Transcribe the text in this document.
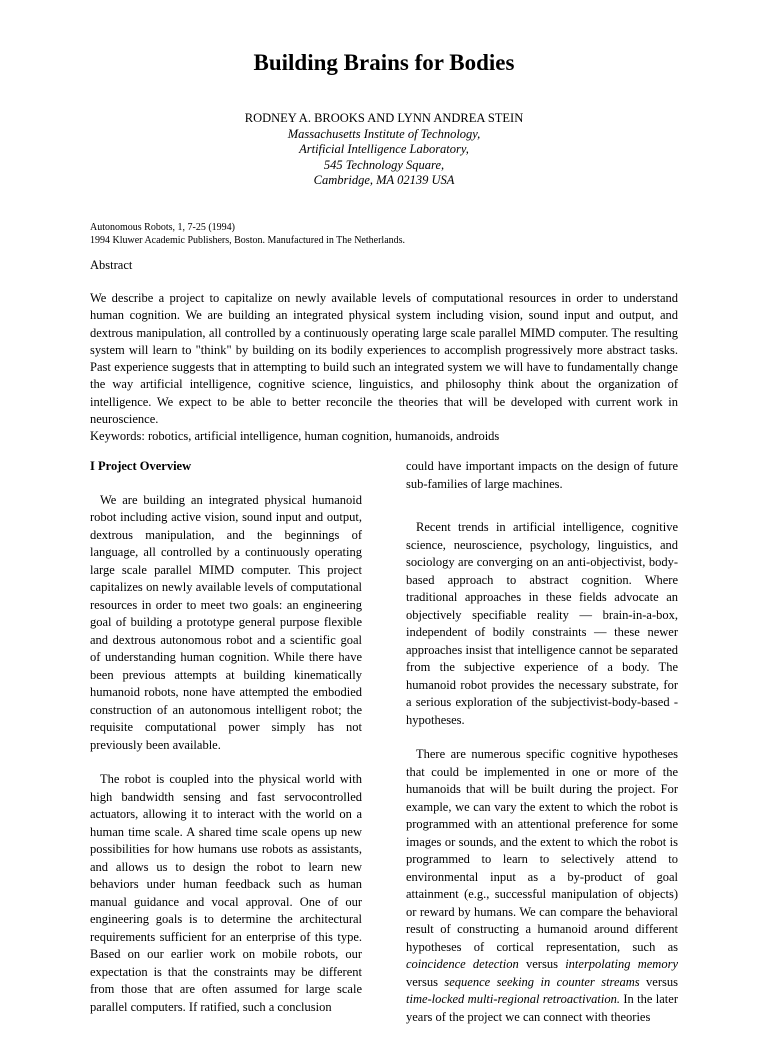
Building Brains for Bodies
RODNEY A. BROOKS AND LYNN ANDREA STEIN
Massachusetts Institute of Technology,
Artificial Intelligence Laboratory,
545 Technology Square,
Cambridge, MA 02139 USA
Autonomous Robots, 1, 7-25 (1994)
1994 Kluwer Academic Publishers, Boston. Manufactured in The Netherlands.
Abstract

We describe a project to capitalize on newly available levels of computational resources in order to understand human cognition. We are building an integrated physical system including vision, sound input and output, and dextrous manipulation, all controlled by a continuously operating large scale parallel MIMD computer. The resulting system will learn to "think" by building on its bodily experiences to accomplish progressively more abstract tasks. Past experience suggests that in attempting to build such an integrated system we will have to fundamentally change the way artificial intelligence, cognitive science, linguistics, and philosophy think about the organization of intelligence. We expect to be able to better reconcile the theories that will be developed with current work in neuroscience.

Keywords: robotics, artificial intelligence, human cognition, humanoids, androids

I Project Overview

We are building an integrated physical humanoid robot including active vision, sound input and output, dextrous manipulation, and the beginnings of language, all controlled by a continuously operating large scale parallel MIMD computer. This project capitalizes on newly available levels of computational resources in order to meet two goals: an engineering goal of building a prototype general purpose flexible and dextrous autonomous robot and a scientific goal of understanding human cognition. While there have been previous attempts at building kinematically humanoid robots, none have attempted the embodied construction of an autonomous intelligent robot; the requisite computational power simply has not previously been available.

The robot is coupled into the physical world with high bandwidth sensing and fast servocontrolled actuators, allowing it to interact with the world on a human time scale. A shared time scale opens up new possibilities for how humans use robots as assistants, and allows us to design the robot to learn new behaviors under human feedback such as human manual guidance and vocal approval. One of our engineering goals is to determine the architectural requirements sufficient for an enterprise of this type. Based on our earlier work on mobile robots, our expectation is that the constraints may be different from those that are often assumed for large scale parallel computers. If ratified, such a conclusion

could have important impacts on the design of future sub-families of large machines.

Recent trends in artificial intelligence, cognitive science, neuroscience, psychology, linguistics, and sociology are converging on an anti-objectivist, body-based approach to abstract cognition. Where traditional approaches in these fields advocate an objectively specifiable reality — brain-in-a-box, independent of bodily constraints — these newer approaches insist that intelligence cannot be separated from the subjective experience of a body. The humanoid robot provides the necessary substrate, for a serious exploration of the subjectivist-body-based -hypotheses.

There are numerous specific cognitive hypotheses that could be implemented in one or more of the humanoids that will be built during the project. For example, we can vary the extent to which the robot is programmed with an attentional preference for some images or sounds, and the extent to which the robot is programmed to learn to selectively attend to environmental input as a by-product of goal attainment (e.g., successful manipulation of objects) or reward by humans. We can compare the behavioral result of constructing a humanoid around different hypotheses of cortical representation, such as coincidence detection versus interpolating memory versus sequence seeking in counter streams versus time-locked multi-regional retroactivation. In the later years of the project we can connect with theories
